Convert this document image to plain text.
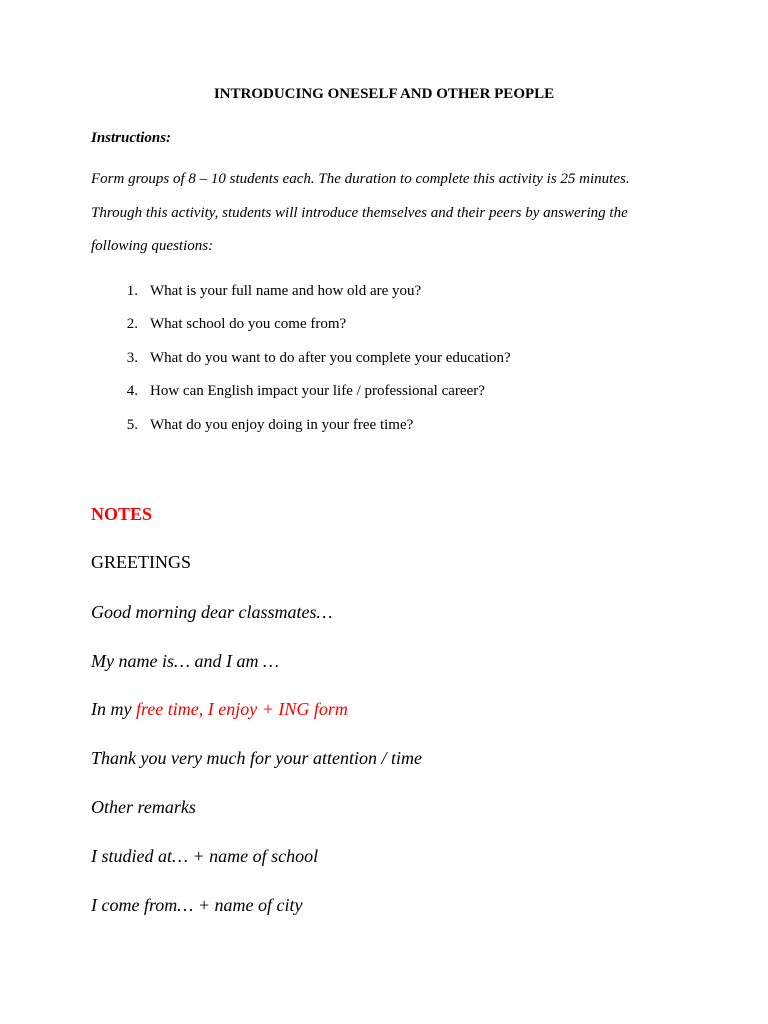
INTRODUCING ONESELF AND OTHER PEOPLE
Instructions:
Form groups of 8 – 10 students each. The duration to complete this activity is 25 minutes.
Through this activity, students will introduce themselves and their peers by answering the
following questions:
1. What is your full name and how old are you?
2. What school do you come from?
3. What do you want to do after you complete your education?
4. How can English impact your life / professional career?
5. What do you enjoy doing in your free time?
NOTES
GREETINGS
Good morning dear classmates…
My name is… and I am …
In my free time, I enjoy + ING form
Thank you very much for your attention / time
Other remarks
I studied at… + name of school
I come from… + name of city
